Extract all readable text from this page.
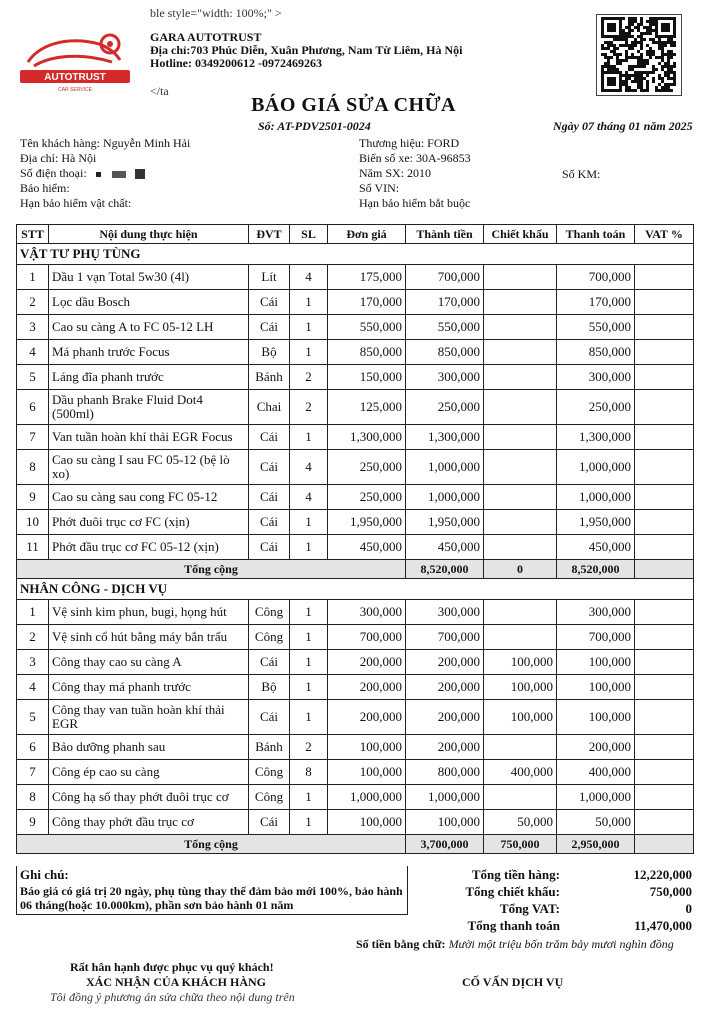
ble style="width: 100%;" >
AUTOTRUST
CAR SERVICE
GARA AUTOTRUST
Địa chỉ:703 Phúc Diễn, Xuân Phương, Nam Từ Liêm, Hà Nội
Hotline: 0349200612 -0972469263
</ta
BÁO GIÁ SỬA CHỮA
Số: AT-PDV2501-0024	Ngày 07 tháng 01 năm 2025
Tên khách hàng: Nguyễn Minh Hải
Địa chỉ: Hà Nội
Số điện thoại:
Bảo hiểm:
Hạn bảo hiểm vật chất:
Thương hiệu: FORD
Biển số xe: 30A-96853
Năm SX: 2010
Số VIN:
Hạn bảo hiểm bắt buộc
Số KM:
STT	Nội dung thực hiện	ĐVT	SL	Đơn giá	Thành tiền	Chiết khấu	Thanh toán	VAT %
VẬT TƯ PHỤ TÙNG								
1	Dầu 1 vạn Total 5w30 (4l)	Lít	4	175,000	700,000		700,000	
2	Lọc dầu Bosch	Cái	1	170,000	170,000		170,000	
3	Cao su càng A to FC 05-12 LH	Cái	1	550,000	550,000		550,000	
4	Má phanh trước Focus	Bộ	1	850,000	850,000		850,000	
5	Láng đĩa phanh trước	Bánh	2	150,000	300,000		300,000	
6	Dầu phanh Brake Fluid Dot4 (500ml)	Chai	2	125,000	250,000		250,000	
7	Van tuần hoàn khí thải EGR Focus	Cái	1	1,300,000	1,300,000		1,300,000	
8	Cao su càng I sau FC 05-12 (bệ lò xo)	Cái	4	250,000	1,000,000		1,000,000	
9	Cao su càng sau cong FC 05-12	Cái	4	250,000	1,000,000		1,000,000	
10	Phớt đuôi trục cơ FC (xịn)	Cái	1	1,950,000	1,950,000		1,950,000	
11	Phớt đầu trục cơ FC 05-12 (xịn)	Cái	1	450,000	450,000		450,000	
Tổng cộng					8,520,000	0	8,520,000	
NHÂN CÔNG - DỊCH VỤ								
1	Vệ sinh kim phun, bugi, họng hút	Công	1	300,000	300,000		300,000	
2	Vệ sinh cổ hút bằng máy bắn trấu	Công	1	700,000	700,000		700,000	
3	Công thay cao su càng A	Cái	1	200,000	200,000	100,000	100,000	
4	Công thay má phanh trước	Bộ	1	200,000	200,000	100,000	100,000	
5	Công thay van tuần hoàn khí thải EGR	Cái	1	200,000	200,000	100,000	100,000	
6	Bảo dưỡng phanh sau	Bánh	2	100,000	200,000		200,000	
7	Công ép cao su càng	Công	8	100,000	800,000	400,000	400,000	
8	Công hạ số thay phớt đuôi trục cơ	Công	1	1,000,000	1,000,000		1,000,000	
9	Công thay phớt đầu trục cơ	Cái	1	100,000	100,000	50,000	50,000	
Tổng cộng					3,700,000	750,000	2,950,000	
Ghi chú:
Báo giá có giá trị 20 ngày, phụ tùng thay thế đảm bảo mới 100%, bảo hành 06 tháng(hoặc 10.000km), phần sơn bảo hành 01 năm
Tổng tiền hàng:	12,220,000
Tổng chiết khấu:	750,000
Tổng VAT:	0
Tổng thanh toán	11,470,000
Số tiền bằng chữ: Mười một triệu bốn trăm bảy mươi nghìn đồng
Rất hân hạnh được phục vụ quý khách!
XÁC NHẬN CỦA KHÁCH HÀNG
Tôi đồng ý phương án sửa chữa theo nội dung trên
CỐ VẤN DỊCH VỤ
